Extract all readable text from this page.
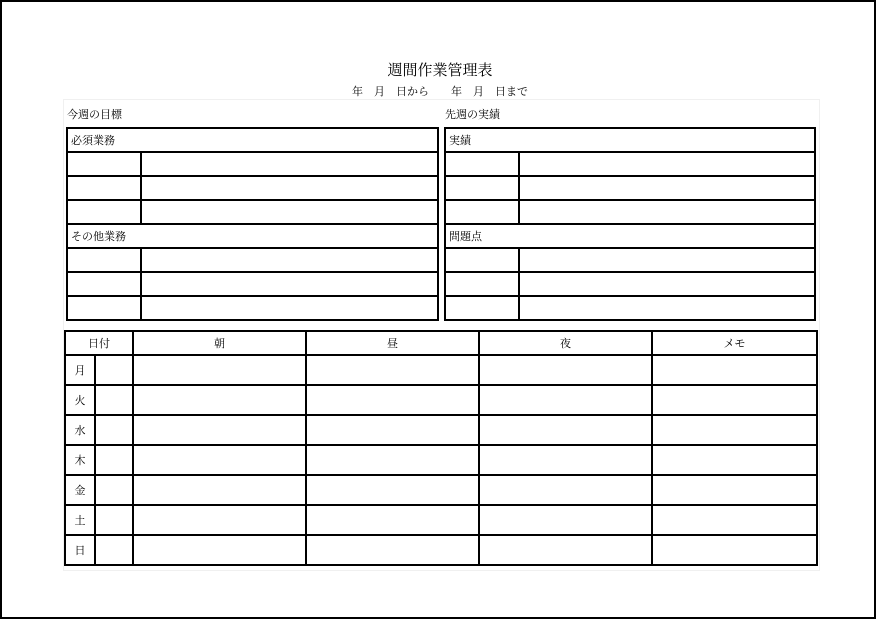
週間作業管理表
年　月　日から　　年　月　日まで
今週の目標	先週の実績
必須業務	

その他業務	

実績	

問題点	

日付		朝	昼	夜	メモ
月					
火					
水					
木					
金					
土					
日					
